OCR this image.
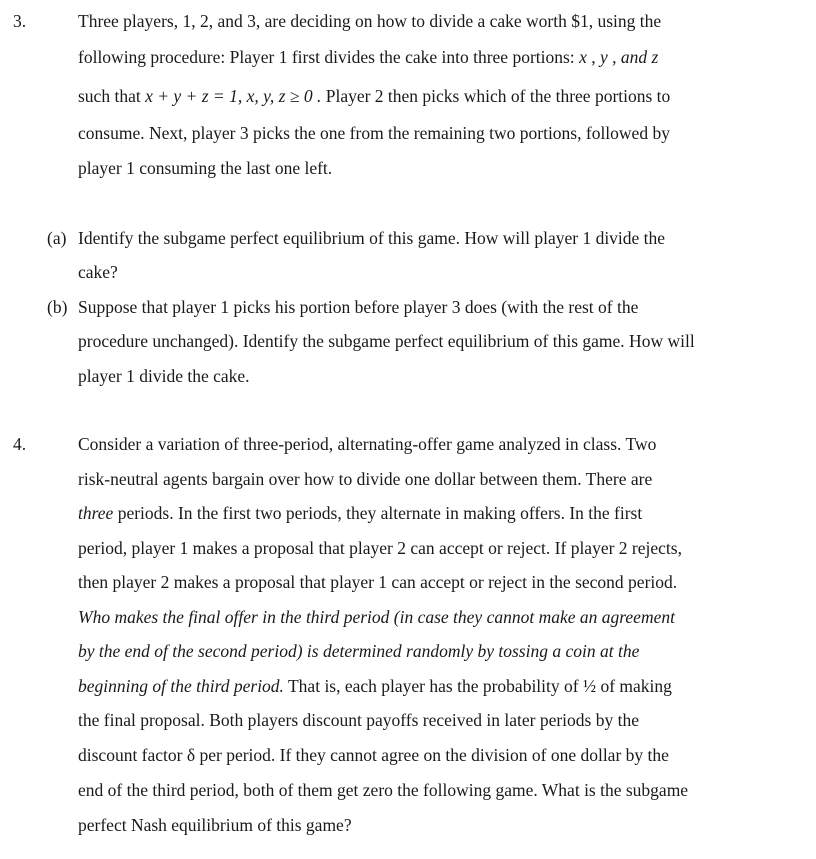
3.	Three players, 1, 2, and 3, are deciding on how to divide a cake worth $1, using the
following procedure: Player 1 first divides the cake into three portions: x , y , and z
such that x + y + z = 1, x, y, z ≥ 0 . Player 2 then picks which of the three portions to
consume. Next, player 3 picks the one from the remaining two portions, followed by
player 1 consuming the last one left.
(a) Identify the subgame perfect equilibrium of this game. How will player 1 divide the
cake?
(b) Suppose that player 1 picks his portion before player 3 does (with the rest of the
procedure unchanged). Identify the subgame perfect equilibrium of this game. How will
player 1 divide the cake.
4.	Consider a variation of three-period, alternating-offer game analyzed in class. Two
risk-neutral agents bargain over how to divide one dollar between them. There are
three periods. In the first two periods, they alternate in making offers. In the first
period, player 1 makes a proposal that player 2 can accept or reject. If player 2 rejects,
then player 2 makes a proposal that player 1 can accept or reject in the second period.
Who makes the final offer in the third period (in case they cannot make an agreement
by the end of the second period) is determined randomly by tossing a coin at the
beginning of the third period. That is, each player has the probability of ½ of making
the final proposal. Both players discount payoffs received in later periods by the
discount factor δ per period. If they cannot agree on the division of one dollar by the
end of the third period, both of them get zero the following game. What is the subgame
perfect Nash equilibrium of this game?
